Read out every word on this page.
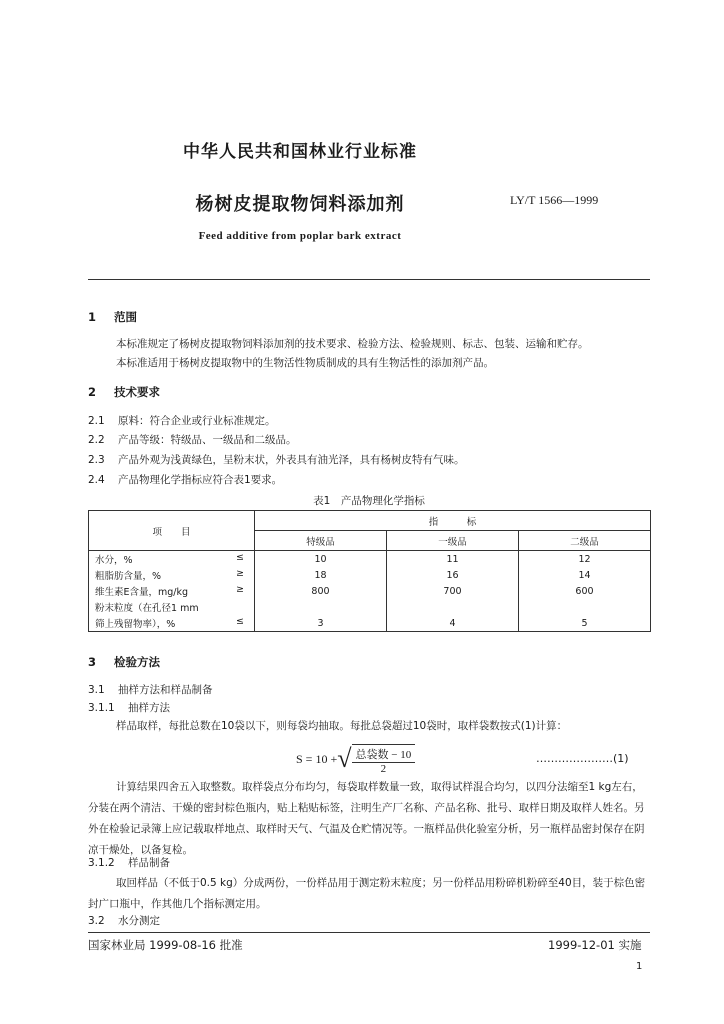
中华人民共和国林业行业标准
杨树皮提取物饲料添加剂	LY/T 1566—1999
Feed additive from poplar bark extract
1 范围
本标准规定了杨树皮提取物饲料添加剂的技术要求、检验方法、检验规则、标志、包装、运输和贮存。
本标准适用于杨树皮提取物中的生物活性物质制成的具有生物活性的添加剂产品。
2 技术要求
2.1 原料：符合企业或行业标准规定。
2.2 产品等级：特级品、一级品和二级品。
2.3 产品外观为浅黄绿色，呈粉末状，外表具有油光泽，具有杨树皮特有气味。
2.4 产品物理化学指标应符合表1要求。
表1　产品物理化学指标
项　　目	指　　　标		
	特级品	一级品	二级品

水分，% ≤	10	11	12

粗脂肪含量，% ≥	18	16	14

维生素E含量，mg/kg ≥	800	700	600

粉末粒度（在孔径1 mm			

筛上残留物率），% ≤	3	4	5
3 检验方法
3.1 抽样方法和样品制备
3.1.1 抽样方法
样品取样，每批总数在10袋以下，则每袋均抽取。每批总袋超过10袋时，取样袋数按式(1)计算：
S = 10 + √ $\frac{\text{总袋数 − 10}}{2}$	…………………(1)
计算结果四舍五入取整数。取样袋点分布均匀，每袋取样数量一致，取得试样混合均匀，以四分法缩至1 kg左右，分装在两个清洁、干燥的密封棕色瓶内，贴上粘贴标签，注明生产厂名称、产品名称、批号、取样日期及取样人姓名。另外在检验记录簿上应记载取样地点、取样时天气、气温及仓贮情况等。一瓶样品供化验室分析，另一瓶样品密封保存在阴凉干燥处，以备复检。
3.1.2 样品制备
取回样品（不低于0.5 kg）分成两份，一份样品用于测定粉末粒度；另一份样品用粉碎机粉碎至40目，装于棕色密封广口瓶中，作其他几个指标测定用。
3.2 水分测定
国家林业局 1999-08-16 批准	1999-12-01 实施
1
